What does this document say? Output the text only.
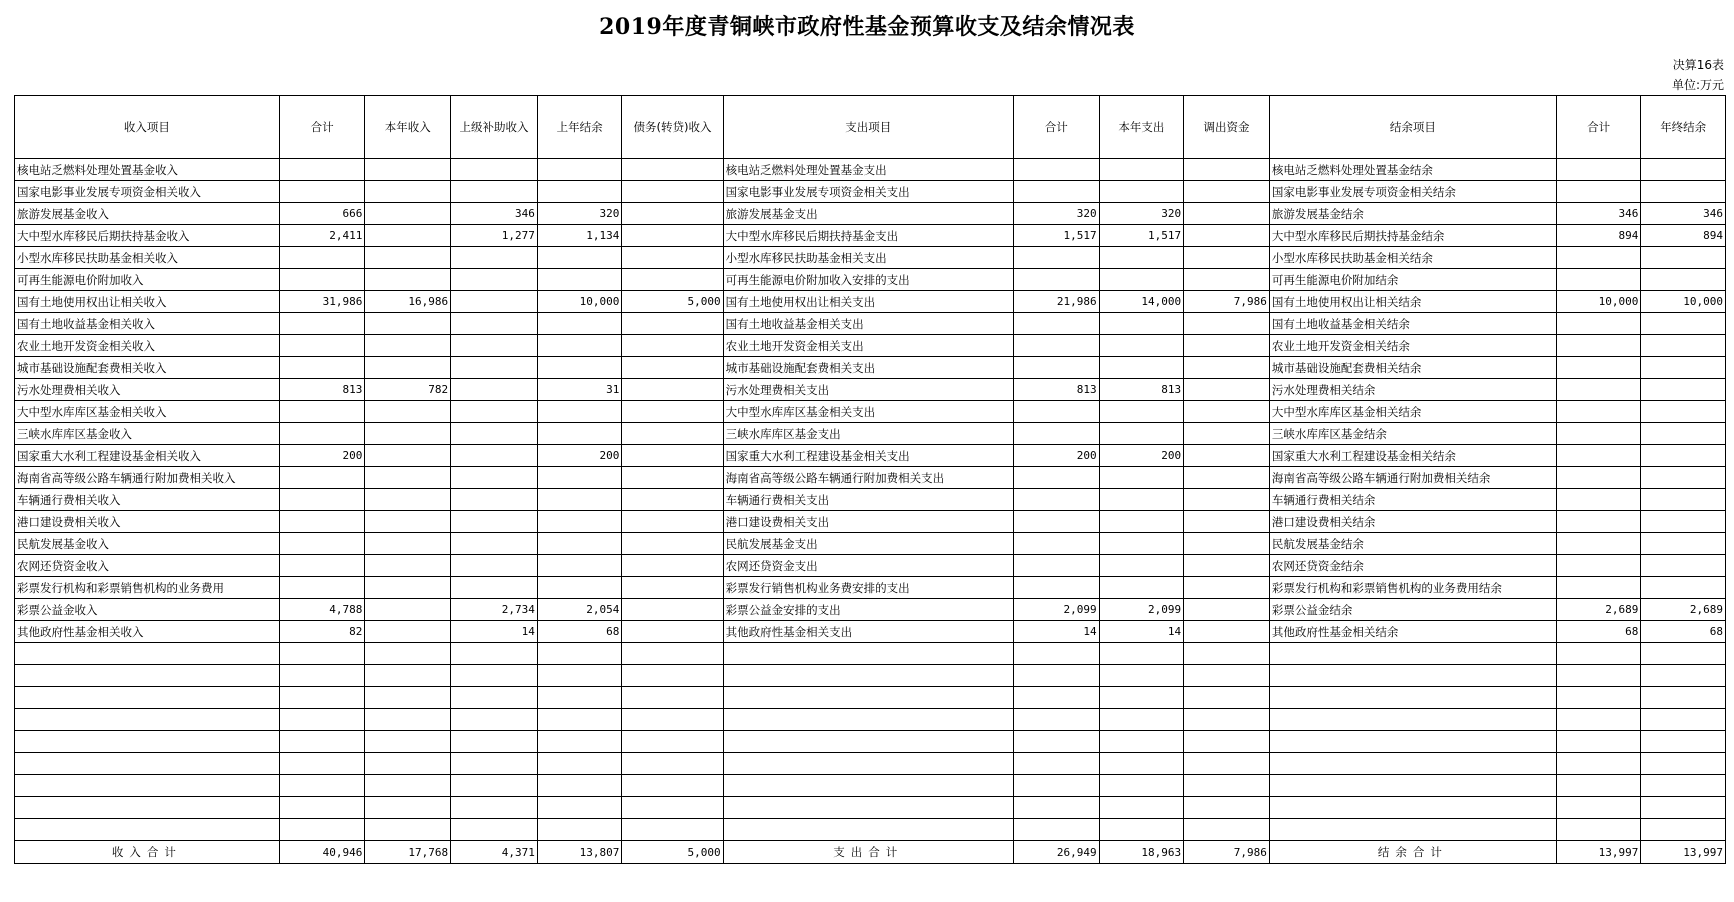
2019年度青铜峡市政府性基金预算收支及结余情况表
决算16表
单位:万元
收入项目	合计	本年收入	上级补助收入	上年结余	债务(转贷)收入	支出项目	合计	本年支出	调出资金	结余项目	合计	年终结余
核电站乏燃料处理处置基金收入						核电站乏燃料处理处置基金支出				核电站乏燃料处理处置基金结余		
国家电影事业发展专项资金相关收入						国家电影事业发展专项资金相关支出				国家电影事业发展专项资金相关结余		
旅游发展基金收入	666		346	320		旅游发展基金支出	320	320		旅游发展基金结余	346	346
大中型水库移民后期扶持基金收入	2,411		1,277	1,134		大中型水库移民后期扶持基金支出	1,517	1,517		大中型水库移民后期扶持基金结余	894	894
小型水库移民扶助基金相关收入						小型水库移民扶助基金相关支出				小型水库移民扶助基金相关结余		
可再生能源电价附加收入						可再生能源电价附加收入安排的支出				可再生能源电价附加结余		
国有土地使用权出让相关收入	31,986	16,986		10,000	5,000	国有土地使用权出让相关支出	21,986	14,000	7,986	国有土地使用权出让相关结余	10,000	10,000
国有土地收益基金相关收入						国有土地收益基金相关支出				国有土地收益基金相关结余		
农业土地开发资金相关收入						农业土地开发资金相关支出				农业土地开发资金相关结余		
城市基础设施配套费相关收入						城市基础设施配套费相关支出				城市基础设施配套费相关结余		
污水处理费相关收入	813	782		31		污水处理费相关支出	813	813		污水处理费相关结余		
大中型水库库区基金相关收入						大中型水库库区基金相关支出				大中型水库库区基金相关结余		
三峡水库库区基金收入						三峡水库库区基金支出				三峡水库库区基金结余		
国家重大水利工程建设基金相关收入	200			200		国家重大水利工程建设基金相关支出	200	200		国家重大水利工程建设基金相关结余		
海南省高等级公路车辆通行附加费相关收入						海南省高等级公路车辆通行附加费相关支出				海南省高等级公路车辆通行附加费相关结余		
车辆通行费相关收入						车辆通行费相关支出				车辆通行费相关结余		
港口建设费相关收入						港口建设费相关支出				港口建设费相关结余		
民航发展基金收入						民航发展基金支出				民航发展基金结余		
农网还贷资金收入						农网还贷资金支出				农网还贷资金结余		
彩票发行机构和彩票销售机构的业务费用						彩票发行销售机构业务费安排的支出				彩票发行机构和彩票销售机构的业务费用结余		
彩票公益金收入	4,788		2,734	2,054		彩票公益金安排的支出	2,099	2,099		彩票公益金结余	2,689	2,689
其他政府性基金相关收入	82		14	68		其他政府性基金相关支出	14	14		其他政府性基金相关结余	68	68

收入合计	40,946	17,768	4,371	13,807	5,000	支出合计	26,949	18,963	7,986	结余合计	13,997	13,997
